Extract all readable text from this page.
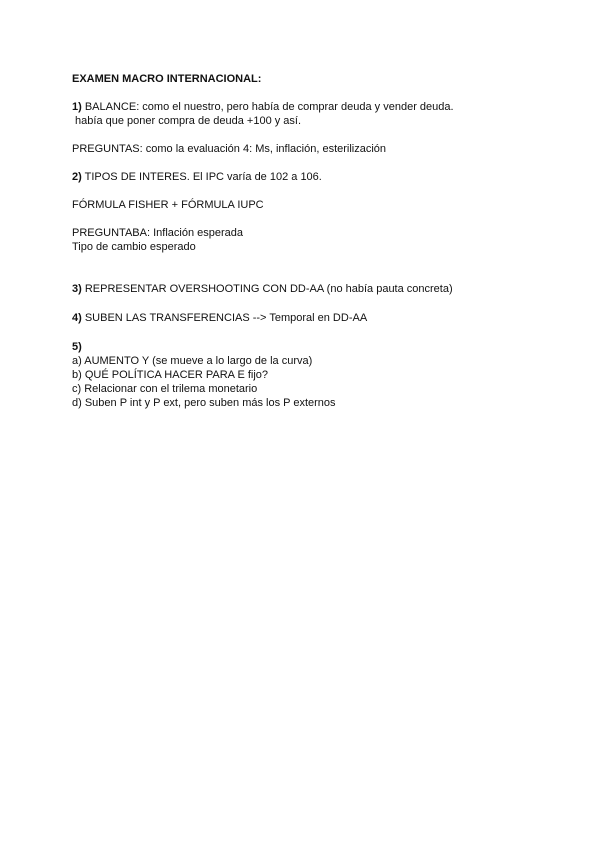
EXAMEN MACRO INTERNACIONAL:
1) BALANCE: como el nuestro, pero había de comprar deuda y vender deuda.
había que poner compra de deuda +100 y así.
PREGUNTAS: como la evaluación 4: Ms, inflación, esterilización
2) TIPOS DE INTERES. El IPC varía de 102 a 106.
FÓRMULA FISHER + FÓRMULA IUPC
PREGUNTABA: Inflación esperada
Tipo de cambio esperado
3) REPRESENTAR OVERSHOOTING CON DD-AA (no había pauta concreta)
4) SUBEN LAS TRANSFERENCIAS --> Temporal en DD-AA
5)
a) AUMENTO Y (se mueve a lo largo de la curva)
b) QUÉ POLÍTICA HACER PARA E fijo?
c) Relacionar con el trilema monetario
d) Suben P int y P ext, pero suben más los P externos
